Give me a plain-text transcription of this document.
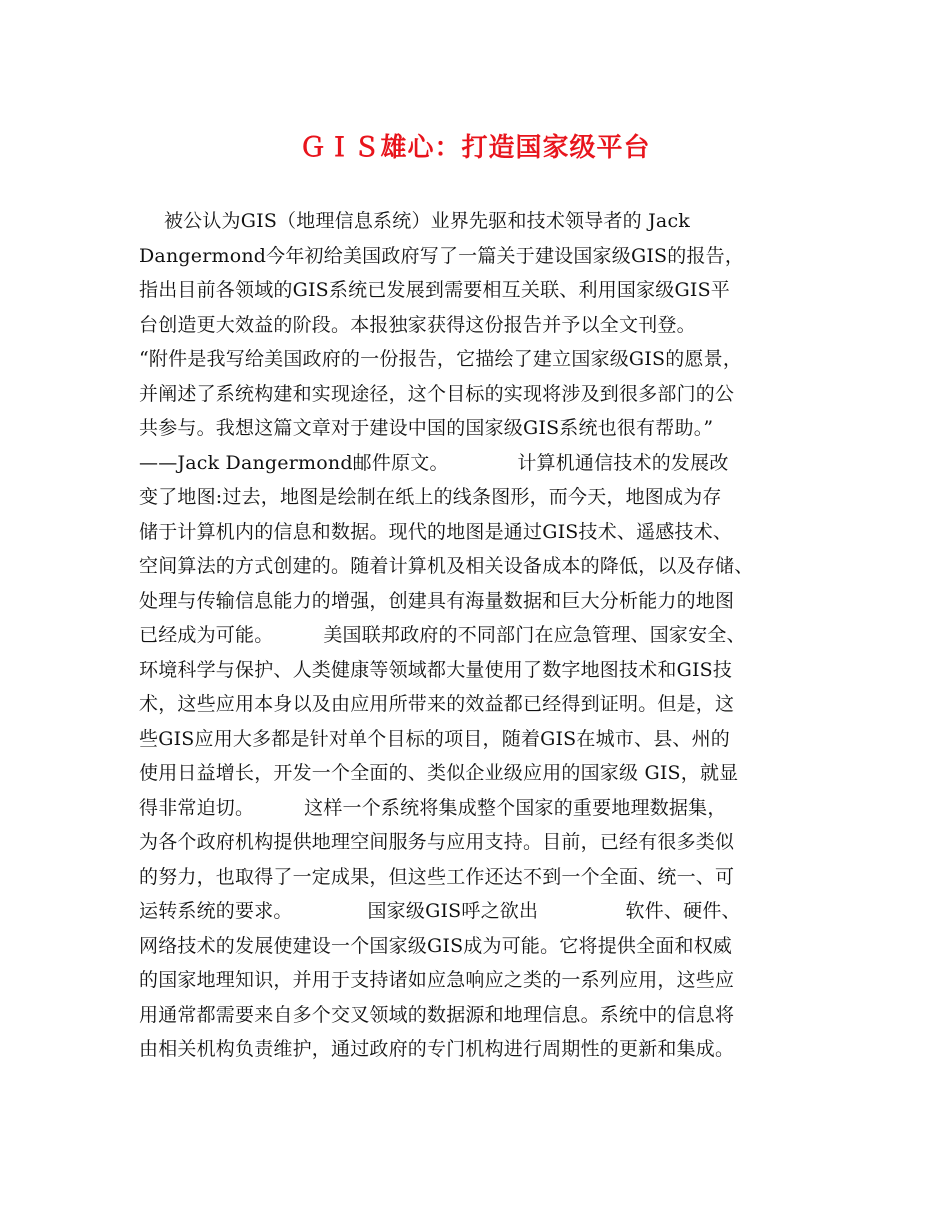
ＧＩＳ雄心：打造国家级平台
被公认为GIS（地理信息系统）业界先驱和技术领导者的 Jack
Dangermond今年初给美国政府写了一篇关于建设国家级GIS的报告，
指出目前各领域的GIS系统已发展到需要相互关联、利用国家级GIS平
台创造更大效益的阶段。本报独家获得这份报告并予以全文刊登。
“附件是我写给美国政府的一份报告，它描绘了建立国家级GIS的愿景，
并阐述了系统构建和实现途径，这个目标的实现将涉及到很多部门的公
共参与。我想这篇文章对于建设中国的国家级GIS系统也很有帮助。”
——Jack Dangermond邮件原文。           计算机通信技术的发展改
变了地图:过去，地图是绘制在纸上的线条图形，而今天，地图成为存
储于计算机内的信息和数据。现代的地图是通过GIS技术、遥感技术、
空间算法的方式创建的。随着计算机及相关设备成本的降低，以及存储、
处理与传输信息能力的增强，创建具有海量数据和巨大分析能力的地图
已经成为可能。        美国联邦政府的不同部门在应急管理、国家安全、
环境科学与保护、人类健康等领域都大量使用了数字地图技术和GIS技
术，这些应用本身以及由应用所带来的效益都已经得到证明。但是，这
些GIS应用大多都是针对单个目标的项目，随着GIS在城市、县、州的
使用日益增长，开发一个全面的、类似企业级应用的国家级 GIS，就显
得非常迫切。        这样一个系统将集成整个国家的重要地理数据集，
为各个政府机构提供地理空间服务与应用支持。目前，已经有很多类似
的努力，也取得了一定成果，但这些工作还达不到一个全面、统一、可
运转系统的要求。            国家级GIS呼之欲出              软件、硬件、
网络技术的发展使建设一个国家级GIS成为可能。它将提供全面和权威
的国家地理知识，并用于支持诸如应急响应之类的一系列应用，这些应
用通常都需要来自多个交叉领域的数据源和地理信息。系统中的信息将
由相关机构负责维护，通过政府的专门机构进行周期性的更新和集成。
